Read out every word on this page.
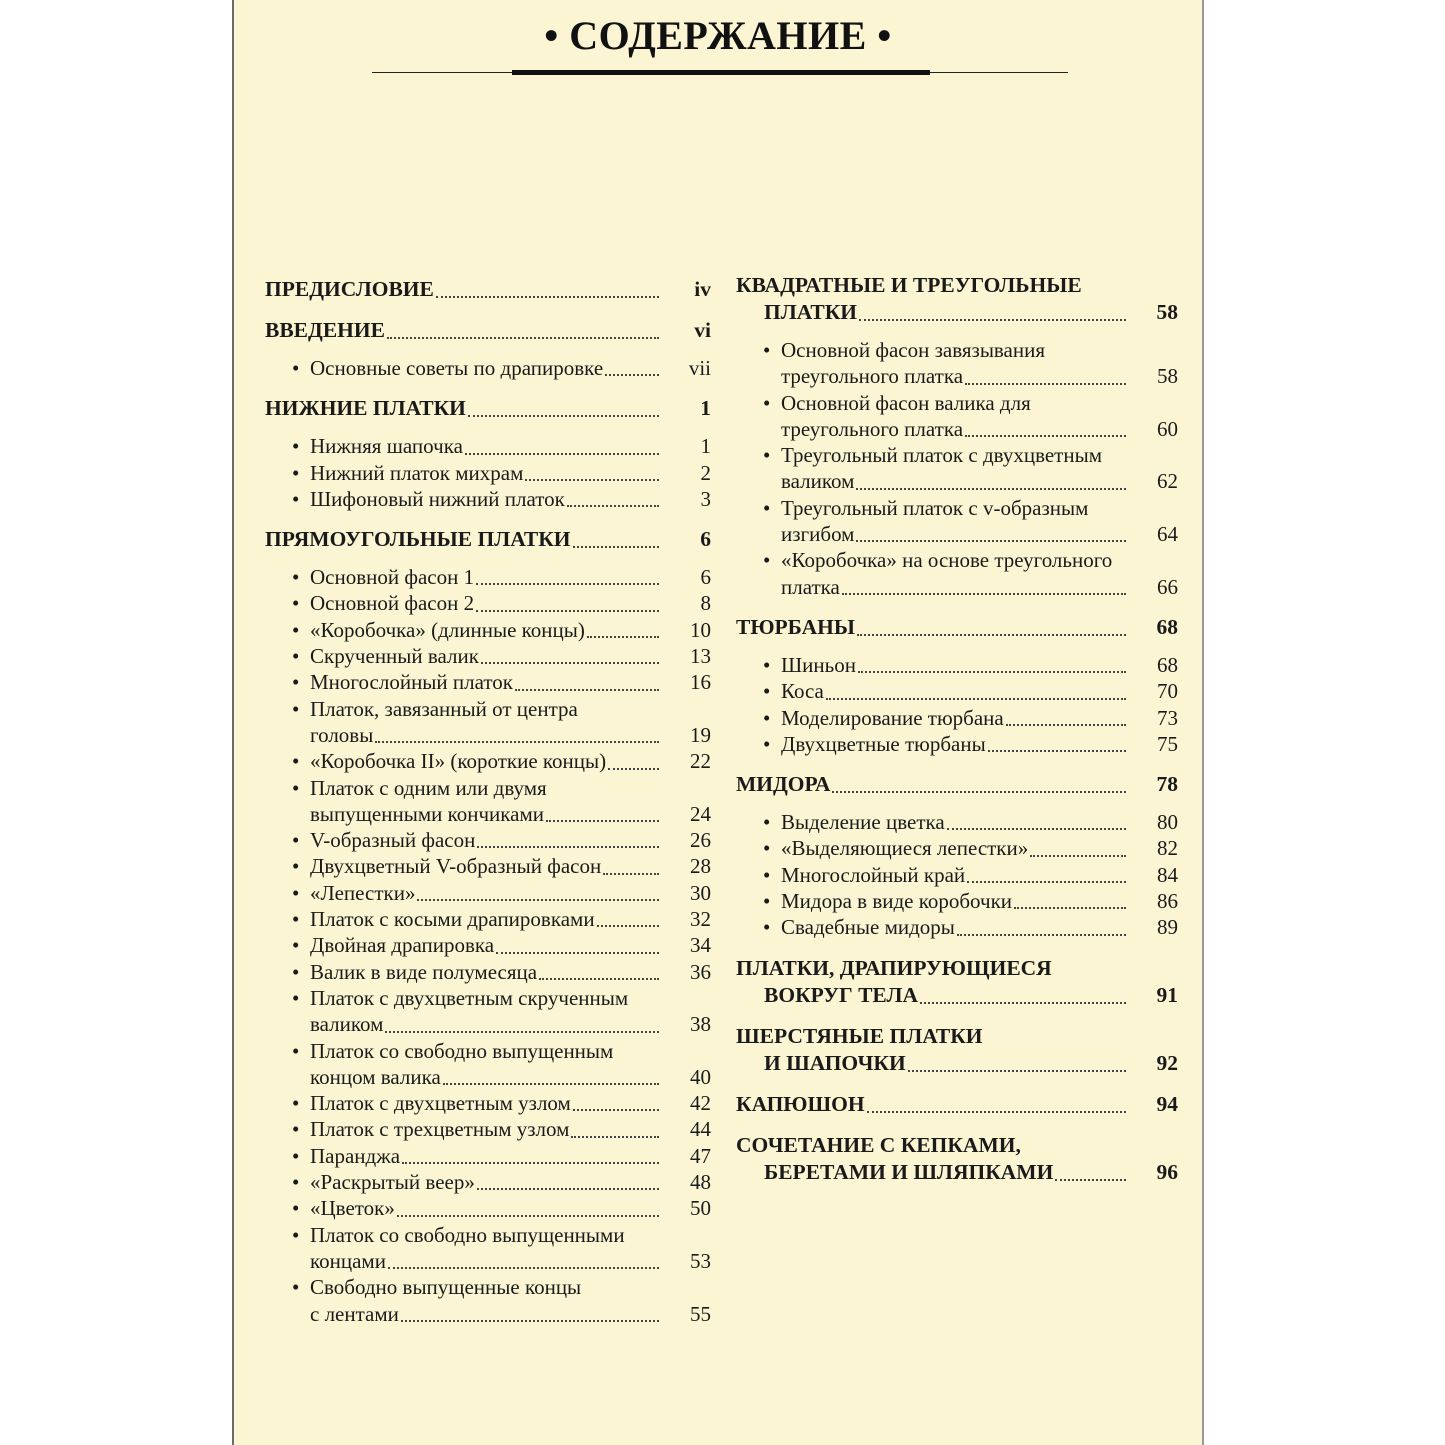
• СОДЕРЖАНИЕ •
ПРЕДИСЛОВИЕ	iv
ВВЕДЕНИЕ	vi
• Основные советы по драпировке	vii
НИЖНИЕ ПЛАТКИ	1
• Нижняя шапочка	1
• Нижний платок михрам	2
• Шифоновый нижний платок	3
ПРЯМОУГОЛЬНЫЕ ПЛАТКИ	6
• Основной фасон 1	6
• Основной фасон 2	8
• «Коробочка» (длинные концы)	10
• Скрученный валик	13
• Многослойный платок	16
• Платок, завязанный от центра
головы	19
• «Коробочка II» (короткие концы)	22
• Платок с одним или двумя
выпущенными кончиками	24
• V-образный фасон	26
• Двухцветный V-образный фасон	28
• «Лепестки»	30
• Платок с косыми драпировками	32
• Двойная драпировка	34
• Валик в виде полумесяца	36
• Платок с двухцветным скрученным
валиком	38
• Платок со свободно выпущенным
концом валика	40
• Платок с двухцветным узлом	42
• Платок с трехцветным узлом	44
• Паранджа	47
• «Раскрытый веер»	48
• «Цветок»	50
• Платок со свободно выпущенными
концами	53
• Свободно выпущенные концы
с лентами	55
КВАДРАТНЫЕ И ТРЕУГОЛЬНЫЕ
ПЛАТКИ	58
• Основной фасон завязывания
треугольного платка	58
• Основной фасон валика для
треугольного платка	60
• Треугольный платок с двухцветным
валиком	62
• Треугольный платок с v-образным
изгибом	64
• «Коробочка» на основе треугольного
платка	66
ТЮРБАНЫ	68
• Шиньон	68
• Коса	70
• Моделирование тюрбана	73
• Двухцветные тюрбаны	75
МИДОРА	78
• Выделение цветка	80
• «Выделяющиеся лепестки»	82
• Многослойный край	84
• Мидора в виде коробочки	86
• Свадебные мидоры	89
ПЛАТКИ, ДРАПИРУЮЩИЕСЯ
ВОКРУГ ТЕЛА	91
ШЕРСТЯНЫЕ ПЛАТКИ
И ШАПОЧКИ	92
КАПЮШОН	94
СОЧЕТАНИЕ С КЕПКАМИ,
БЕРЕТАМИ И ШЛЯПКАМИ	96
